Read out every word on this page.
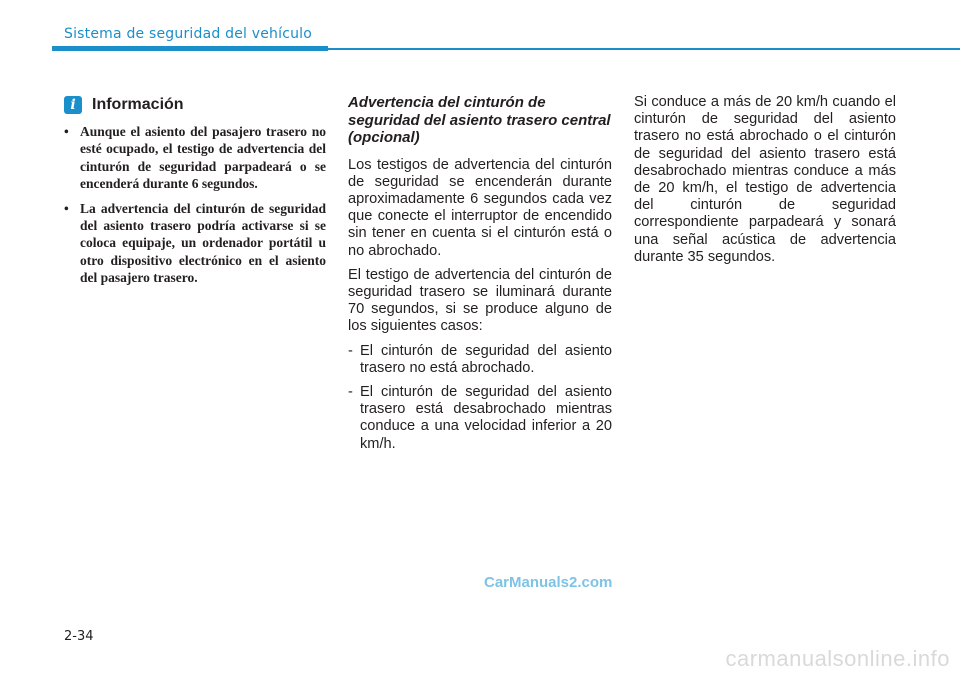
Sistema de seguridad del vehículo
i	Información
• Aunque el asiento del pasajero trasero no esté ocupado, el testigo de advertencia del cinturón de seguridad parpadeará o se encenderá durante 6 segundos.
• La advertencia del cinturón de seguridad del asiento trasero podría activarse si se coloca equipaje, un ordenador portátil u otro dispositivo electrónico en el asiento del pasajero trasero.
Advertencia del cinturón de seguridad del asiento trasero central (opcional)

Los testigos de advertencia del cinturón de seguridad se encenderán durante aproximadamente 6 segundos cada vez que conecte el interruptor de encendido sin tener en cuenta si el cinturón está o no abrochado.

El testigo de advertencia del cinturón de seguridad trasero se iluminará durante 70 segundos, si se produce alguno de los siguientes casos:

- El cinturón de seguridad del asiento trasero no está abrochado.
- El cinturón de seguridad del asiento trasero está desabrochado mientras conduce a una velocidad inferior a 20 km/h.

Si conduce a más de 20 km/h cuando el cinturón de seguridad del asiento trasero no está abrochado o el cinturón de seguridad del asiento trasero está desabrochado mientras conduce a más de 20 km/h, el testigo de advertencia del cinturón de seguridad correspondiente parpadeará y sonará una señal acústica de advertencia durante 35 segundos.

CarManuals2.com
2-34
carmanualsonline.info
